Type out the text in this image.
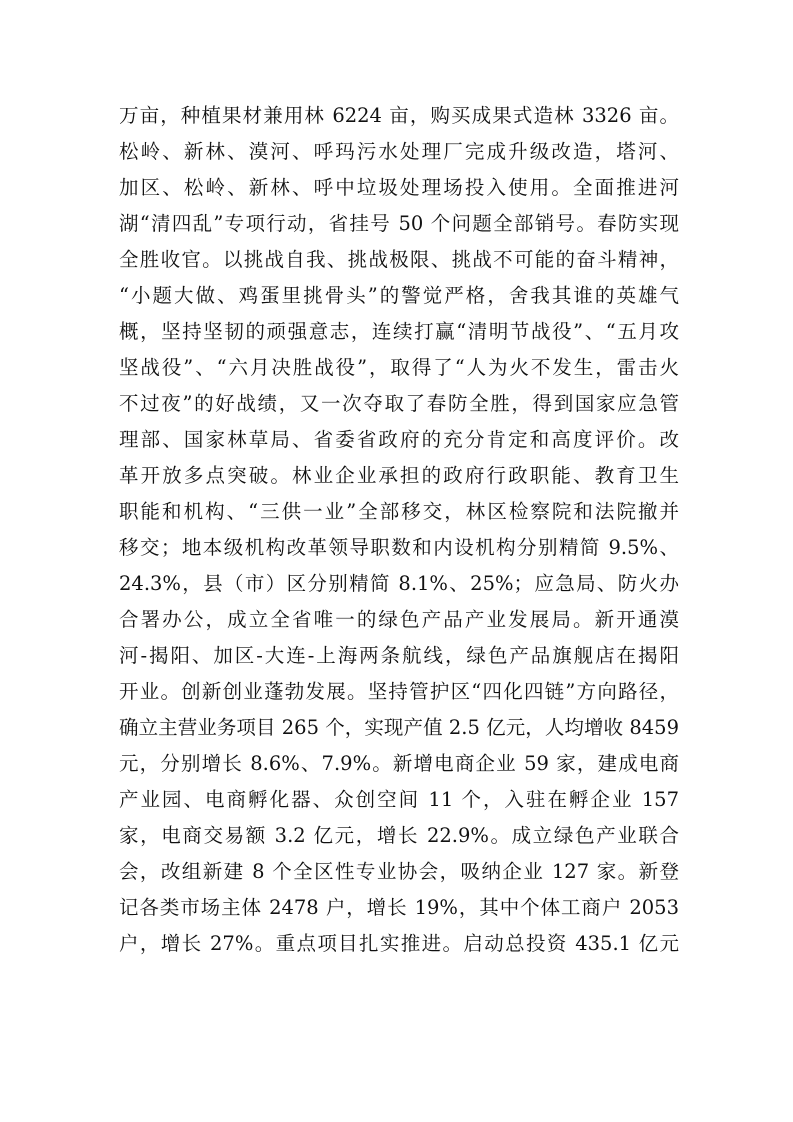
万亩，种植果材兼用林 6224 亩，购买成果式造林 3326 亩。
松岭、新林、漠河、呼玛污水处理厂完成升级改造，塔河、
加区、松岭、新林、呼中垃圾处理场投入使用。全面推进河
湖“清四乱”专项行动，省挂号 50 个问题全部销号。春防实现
全胜收官。以挑战自我、挑战极限、挑战不可能的奋斗精神，
“小题大做、鸡蛋里挑骨头”的警觉严格，舍我其谁的英雄气
概，坚持坚韧的顽强意志，连续打赢“清明节战役”、“五月攻
坚战役”、“六月决胜战役”，取得了“人为火不发生，雷击火
不过夜”的好战绩，又一次夺取了春防全胜，得到国家应急管
理部、国家林草局、省委省政府的充分肯定和高度评价。改
革开放多点突破。林业企业承担的政府行政职能、教育卫生
职能和机构、“三供一业”全部移交，林区检察院和法院撤并
移交；地本级机构改革领导职数和内设机构分别精简 9.5%、
24.3%，县（市）区分别精简 8.1%、25%；应急局、防火办
合署办公，成立全省唯一的绿色产品产业发展局。新开通漠
河-揭阳、加区-大连-上海两条航线，绿色产品旗舰店在揭阳
开业。创新创业蓬勃发展。坚持管护区“四化四链”方向路径，
确立主营业务项目 265 个，实现产值 2.5 亿元，人均增收 8459
元，分别增长 8.6%、7.9%。新增电商企业 59 家，建成电商
产业园、电商孵化器、众创空间 11 个，入驻在孵企业 157
家，电商交易额 3.2 亿元，增长 22.9%。成立绿色产业联合
会，改组新建 8 个全区性专业协会，吸纳企业 127 家。新登
记各类市场主体 2478 户，增长 19%，其中个体工商户 2053
户，增长 27%。重点项目扎实推进。启动总投资 435.1 亿元
